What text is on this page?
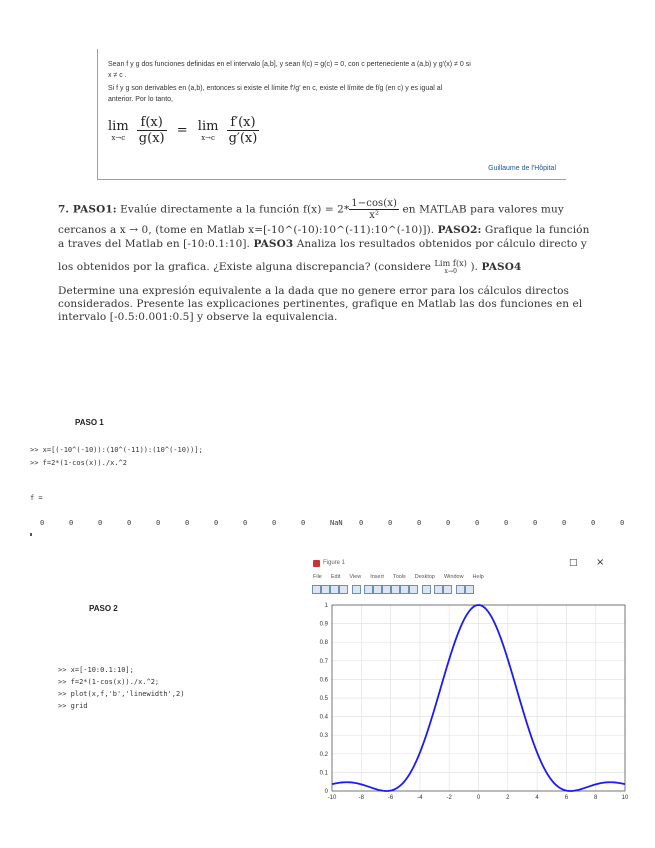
Sean f y g dos funciones definidas en el intervalo [a,b], y sean f(c) = g(c) = 0, con c perteneciente a (a,b) y g'(x) ≠ 0 si
x ≠ c .
Si f y g son derivables en (a,b), entonces si existe el límite f'/g' en c, existe el límite de f/g (en c) y es igual al
anterior. Por lo tanto,
lim
x→c
$\frac{f(x)}{g(x)} = \lim$
x→c
$\frac{f'(x)}{g'(x)}$
Guillaume de l'Hôpital
7. PASO1: Evalúe directamente a la función $f(x) = 2* \frac{1-\cos(x)}{\text{x²}}$ en MATLAB para valores muy
cercanos a x → 0, (tome en Matlab x=[-10^(-10):10^(-11):10^(-10)]). PASO2: Grafique la función
a traves del Matlab en [-10:0.1:10]. PASO3 Analiza los resultados obtenidos por cálculo directo y
los obtenidos por la grafica. ¿Existe alguna discrepancia? (considere Lim f(x)
x→0 ). PASO4
Determine una expresión equivalente a la dada que no genere error para los cálculos directos
considerados. Presente las explicaciones pertinentes, grafique en Matlab las dos funciones en el
intervalo [-0.5:0.001:0.5] y observe la equivalencia.
PASO 1
>> x=[(-10^(-10)):(10^(-11)):(10^(-10))];
>> f=2*(1-cos(x))./x.^2
f =
0	0	0	0	0	0	0	0	0	0	NaN 0	0	0	0	0	0	0	0	0	0
PASO 2
>> x=[-10:0.1:10];
>> f=2*(1-cos(x))./x.^2;
>> plot(x,f,'b','linewidth',2)
>> grid
Figure 1	□ ×
File Edit View Insert Tools Desktop Window Help
-10	-8	-6	-4	-2	0	2	4	6	8	10
0
0.1
0.2
0.3
0.4
0.5
0.6
0.7
0.8
0.9
1
